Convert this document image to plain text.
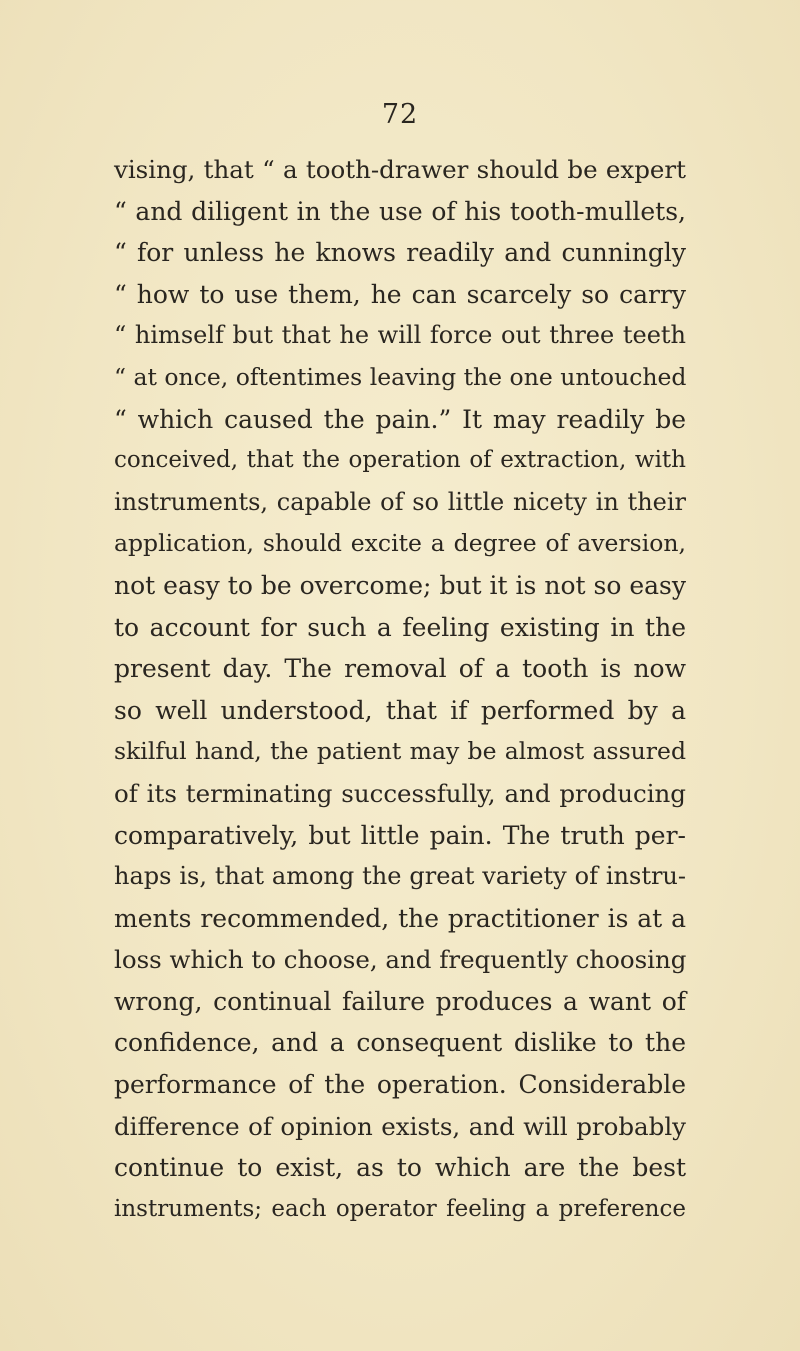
72
vising, that “ a tooth-drawer should be expert
“ and diligent in the use of his tooth-mullets,
“ for unless he knows readily and cunningly
“ how to use them, he can scarcely so carry
“ himself but that he will force out three teeth
“ at once, oftentimes leaving the one untouched
“ which caused the pain.” It may readily be
conceived, that the operation of extraction, with
instruments, capable of so little nicety in their
application, should excite a degree of aversion,
not easy to be overcome; but it is not so easy
to account for such a feeling existing in the
present day. The removal of a tooth is now
so well understood, that if performed by a
skilful hand, the patient may be almost assured
of its terminating successfully, and producing
comparatively, but little pain. The truth per-
haps is, that among the great variety of instru-
ments recommended, the practitioner is at a
loss which to choose, and frequently choosing
wrong, continual failure produces a want of
confidence, and a consequent dislike to the
performance of the operation. Considerable
difference of opinion exists, and will probably
continue to exist, as to which are the best
instruments; each operator feeling a preference
